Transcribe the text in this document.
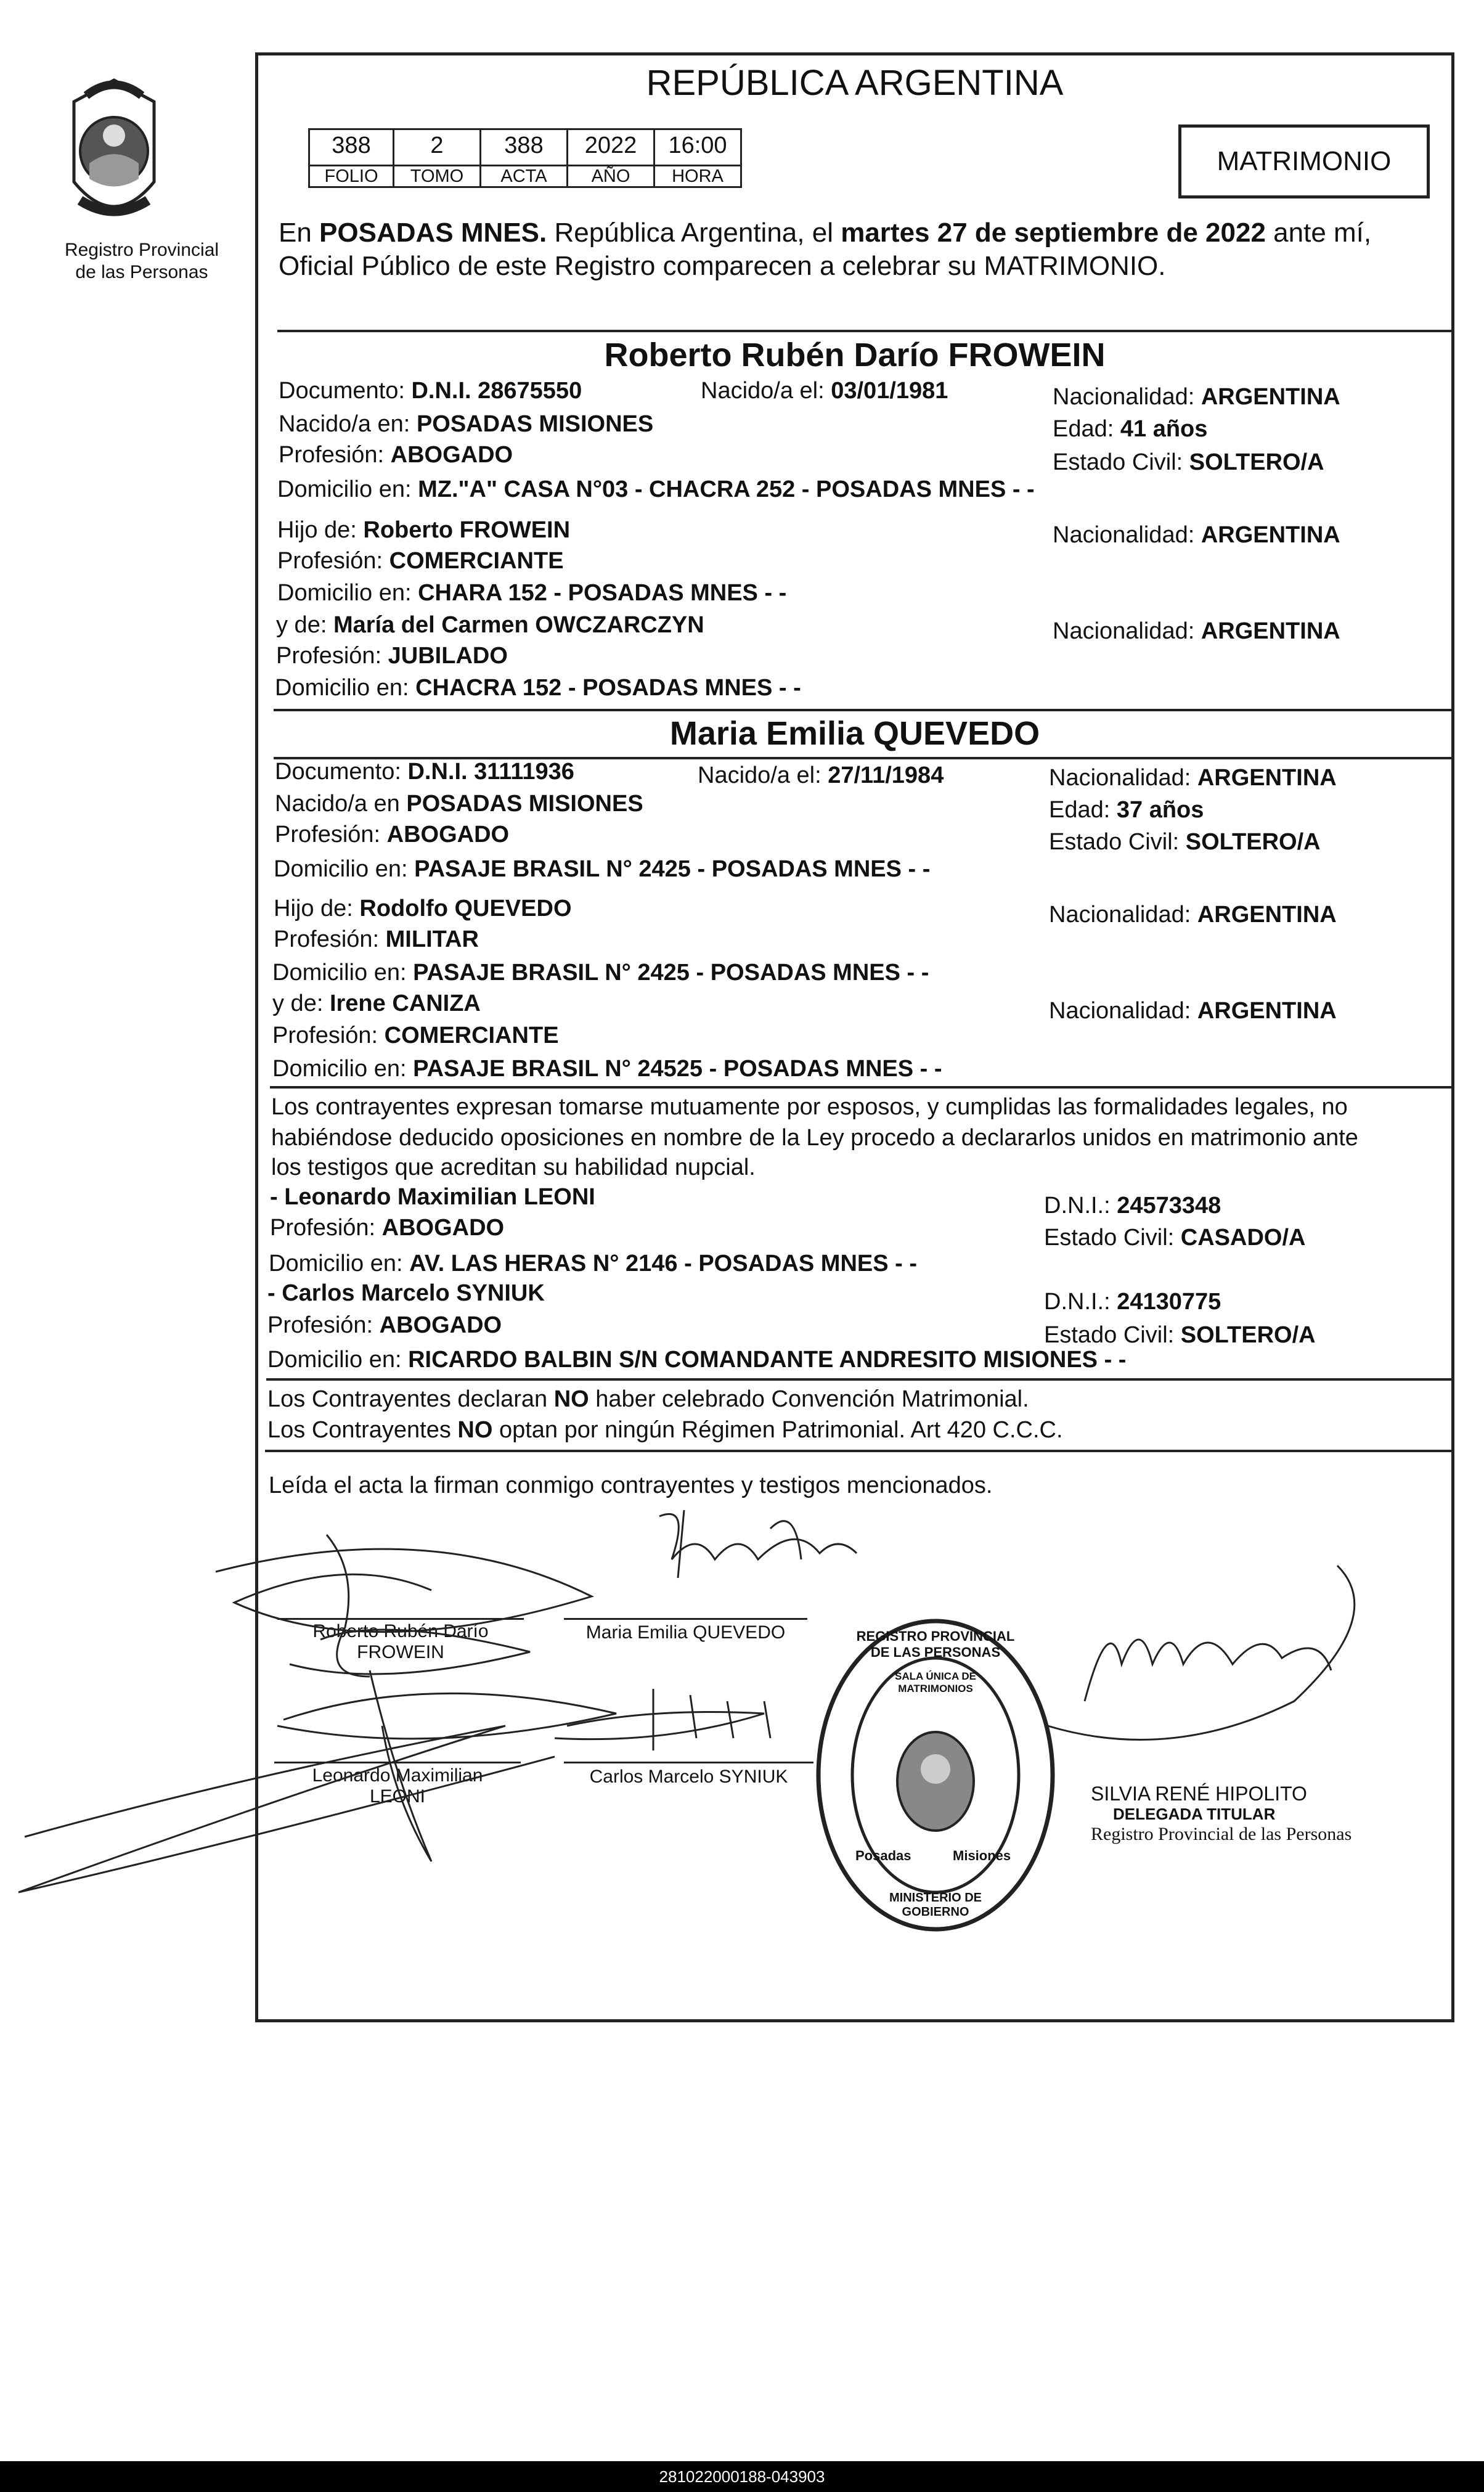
Registro Provincial
de las Personas
REPÚBLICA ARGENTINA
388	2	388	2022	16:00
FOLIO	TOMO	ACTA	AÑO	HORA	MATRIMONIO
En POSADAS MNES. República Argentina, el martes 27 de septiembre de 2022 ante mí,
Oficial Público de este Registro comparecen a celebrar su MATRIMONIO.
Roberto Rubén Darío FROWEIN
Documento: D.N.I. 28675550	Nacido/a el: 03/01/1981	Nacionalidad: ARGENTINA
Nacido/a en: POSADAS MISIONES	Edad: 41 años
Profesión: ABOGADO	Estado Civil: SOLTERO/A
Domicilio en: MZ."A" CASA N°03 - CHACRA 252 - POSADAS MNES - -
Hijo de: Roberto FROWEIN	Nacionalidad: ARGENTINA
Profesión: COMERCIANTE
Domicilio en: CHARA 152 - POSADAS MNES - -
y de: María del Carmen OWCZARCZYN	Nacionalidad: ARGENTINA
Profesión: JUBILADO
Domicilio en: CHACRA 152 - POSADAS MNES - -
Maria Emilia QUEVEDO
Documento: D.N.I. 31111936	Nacido/a el: 27/11/1984	Nacionalidad: ARGENTINA
Nacido/a en POSADAS MISIONES	Edad: 37 años
Profesión: ABOGADO	Estado Civil: SOLTERO/A
Domicilio en: PASAJE BRASIL N° 2425 - POSADAS MNES - -
Hijo de: Rodolfo QUEVEDO	Nacionalidad: ARGENTINA
Profesión: MILITAR
Domicilio en: PASAJE BRASIL N° 2425 - POSADAS MNES - -
y de: Irene CANIZA	Nacionalidad: ARGENTINA
Profesión: COMERCIANTE
Domicilio en: PASAJE BRASIL N° 24525 - POSADAS MNES - -
Los contrayentes expresan tomarse mutuamente por esposos, y cumplidas las formalidades legales, no
habiéndose deducido oposiciones en nombre de la Ley procedo a declararlos unidos en matrimonio ante
los testigos que acreditan su habilidad nupcial.
- Leonardo Maximilian LEONI	D.N.I.: 24573348
Profesión: ABOGADO	Estado Civil: CASADO/A
Domicilio en: AV. LAS HERAS N° 2146 - POSADAS MNES - -
- Carlos Marcelo SYNIUK	D.N.I.: 24130775
Profesión: ABOGADO	Estado Civil: SOLTERO/A
Domicilio en: RICARDO BALBIN S/N COMANDANTE ANDRESITO MISIONES - -
Los Contrayentes declaran NO haber celebrado Convención Matrimonial.
Los Contrayentes NO optan por ningún Régimen Patrimonial. Art 420 C.C.C.
Leída el acta la firman conmigo contrayentes y testigos mencionados.
Roberto Rubén Darío
FROWEIN
Maria Emilia QUEVEDO
Leonardo Maximilian
LEONI
Carlos Marcelo SYNIUK
REGISTRO PROVINCIAL DE LAS PERSONAS
SALA ÚNICA DE MATRIMONIOS
Posadas	Misiones
MINISTERIO DE GOBIERNO
SILVIA RENÉ HIPOLITO
DELEGADA TITULAR
Registro Provincial de las Personas
281022000188-043903
